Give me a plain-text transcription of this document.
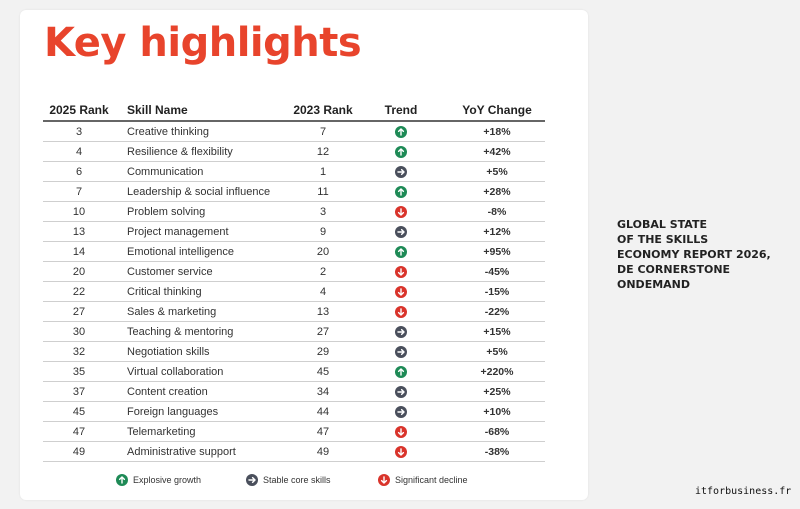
Key highlights
2025 Rank	Skill Name	2023 Rank	Trend	YoY Change
3	Creative thinking	7		+18%
4	Resilience & flexibility	12		+42%
6	Communication	1		+5%
7	Leadership & social influence	11		+28%
10	Problem solving	3		-8%
13	Project management	9		+12%
14	Emotional intelligence	20		+95%
20	Customer service	2		-45%
22	Critical thinking	4		-15%
27	Sales & marketing	13		-22%
30	Teaching & mentoring	27		+15%
32	Negotiation skills	29		+5%
35	Virtual collaboration	45		+220%
37	Content creation	34		+25%
45	Foreign languages	44		+10%
47	Telemarketing	47		-68%
49	Administrative support	49		-38%
Explosive growth	Stable core skills	Significant decline
GLOBAL STATE
OF THE SKILLS
ECONOMY REPORT 2026,
DE CORNERSTONE
ONDEMAND
itforbusiness.fr
